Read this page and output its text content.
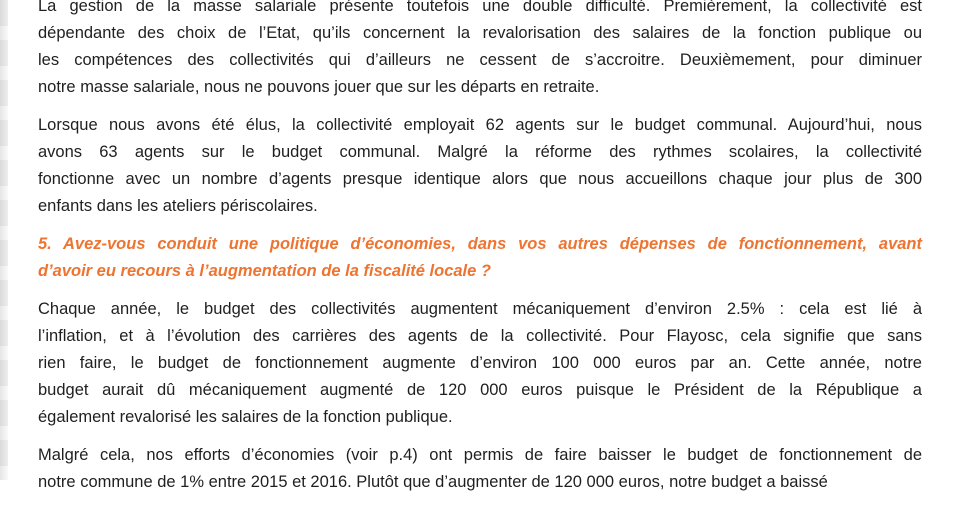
La gestion de la masse salariale présente toutefois une double difficulté. Premièrement, la collectivité est
dépendante des choix de l’Etat, qu’ils concernent la revalorisation des salaires de la fonction publique ou
les compétences des collectivités qui d’ailleurs ne cessent de s’accroitre. Deuxièmement, pour diminuer
notre masse salariale, nous ne pouvons jouer que sur les départs en retraite.
Lorsque nous avons été élus, la collectivité employait 62 agents sur le budget communal. Aujourd’hui, nous
avons 63 agents sur le budget communal. Malgré la réforme des rythmes scolaires, la collectivité
fonctionne avec un nombre d’agents presque identique alors que nous accueillons chaque jour plus de 300
enfants dans les ateliers périscolaires.
5. Avez-vous conduit une politique d’économies, dans vos autres dépenses de fonctionnement, avant
d’avoir eu recours à l’augmentation de la fiscalité locale ?
Chaque année, le budget des collectivités augmentent mécaniquement d’environ 2.5% : cela est lié à
l’inflation, et à l’évolution des carrières des agents de la collectivité. Pour Flayosc, cela signifie que sans
rien faire, le budget de fonctionnement augmente d’environ 100 000 euros par an. Cette année, notre
budget aurait dû mécaniquement augmenté de 120 000 euros puisque le Président de la République a
également revalorisé les salaires de la fonction publique.
Malgré cela, nos efforts d’économies (voir p.4) ont permis de faire baisser le budget de fonctionnement de
notre commune de 1% entre 2015 et 2016. Plutôt que d’augmenter de 120 000 euros, notre budget a baissé
